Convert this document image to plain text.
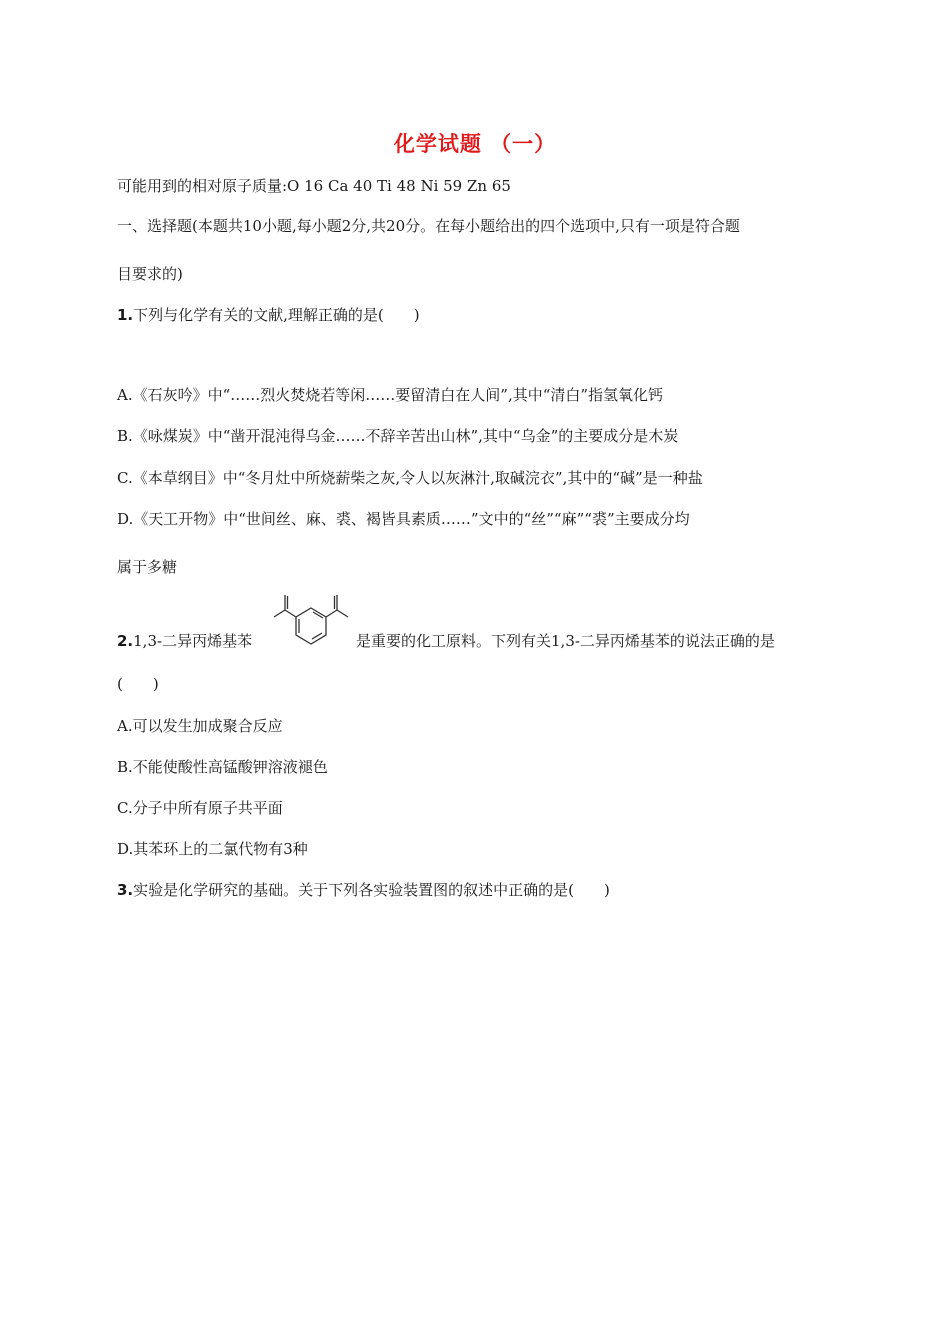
化学试题 （一）
可能用到的相对原子质量:O 16 Ca 40 Ti 48 Ni 59 Zn 65
一、选择题(本题共10小题,每小题2分,共20分。在每小题给出的四个选项中,只有一项是符合题
目要求的)
1.下列与化学有关的文献,理解正确的是(　　)
A.《石灰吟》中“……烈火焚烧若等闲……要留清白在人间”,其中“清白”指氢氧化钙
B.《咏煤炭》中“凿开混沌得乌金……不辞辛苦出山林”,其中“乌金”的主要成分是木炭
C.《本草纲目》中“冬月灶中所烧薪柴之灰,令人以灰淋汁,取碱浣衣”,其中的“碱”是一种盐
D.《天工开物》中“世间丝、麻、裘、褐皆具素质……”文中的“丝”“麻”“裘”主要成分均
属于多糖
2.1,3-二异丙烯基苯	是重要的化工原料。下列有关1,3-二异丙烯基苯的说法正确的是
(　　)
A.可以发生加成聚合反应
B.不能使酸性高锰酸钾溶液褪色
C.分子中所有原子共平面
D.其苯环上的二氯代物有3种
3.实验是化学研究的基础。关于下列各实验装置图的叙述中正确的是(　　)
